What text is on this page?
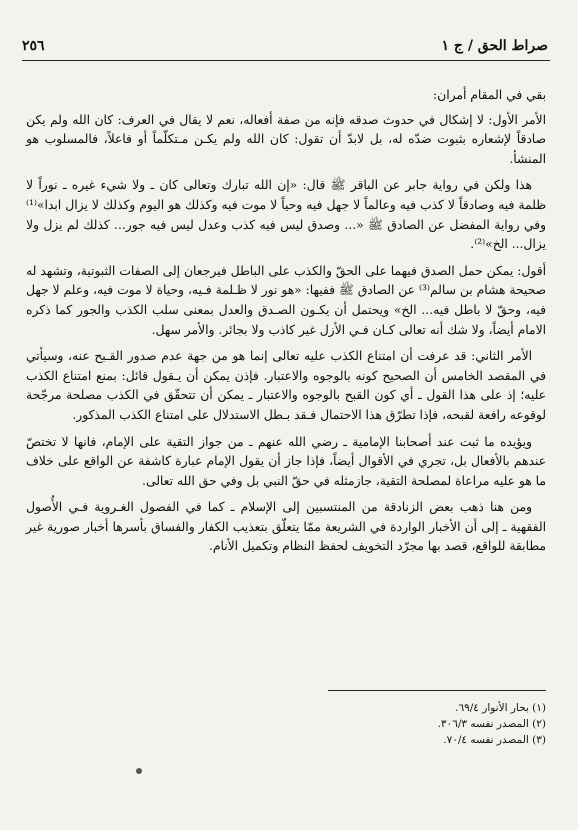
٢٥٦	صراط الحق / ج ١

بقي في المقام أمران:

الأمر الأول: لا إشكال في حدوث صدقه فإنه من صفة أفعاله، نعم لا يقال في العرف: كان الله ولم يكن صادقاً لإشعاره بثبوت ضدّه له، بل لابدّ أن تقول: كان الله ولم يكـن مـتكلّماً أو فاعلاً، فالمسلوب هو المنشأ.

هذا ولكن في رواية جابر عن الباقر ﷺ قال: «إن الله تبارك وتعالى كان ـ ولا شيء غيره ـ نوراً لا ظلمة فيه وصادقاً لا كذب فيه وعالماً لا جهل فيه وحياً لا موت فيه وكذلك هو اليوم وكذلك لا يزال ابدا»⁽¹⁾ وفي رواية المفضل عن الصادق ﷺ «... وصدق ليس فيه كذب وعدل ليس فيه جور... كذلك لم يزل ولا يزال... الخ»⁽²⁾.

أقول: يمكن حمل الصدق فيهما على الحقّ والكذب على الباطل فيرجعان إلى الصفات الثبوتية، وتشهد له صحيحة هشام بن سالم⁽³⁾ عن الصادق ﷺ ففيها: «هو نور لا ظـلمة فـيه، وحياة لا موت فيه، وعلم لا جهل فيه، وحقّ لا باطل فيه... الخ» ويحتمل أن يكـون الصـدق والعدل بمعنى سلب الكذب والجور كما ذكره الامام أيضاً، ولا شك أنه تعالى كـان فـي الأزل غير كاذب ولا بجائر. والأمر سهل.

الأمر الثاني: قد عرفت أن امتناع الكذب عليه تعالى إنما هو من جهة عدم صدور القـبح عنه، وسيأتي في المقصد الخامس أن الصحيح كونه بالوجوه والاعتبار. فإذن يمكن أن يـقول قائل: بمنع امتناع الكذب عليه؛ إذ على هذا القول ـ أي كون القبح بالوجوه والاعتبار ـ يمكن أن تتحقّق في الكذب مصلحة مرجّحة لوقوعه رافعة لقبحه، فإذا تطرّق هذا الاحتمال فـقد بـطل الاستدلال على امتناع الكذب المذكور.

ويؤيده ما ثبت عند أصحابنا الإمامية ـ رضي الله عنهم ـ من جواز التقية على الإمام، فانها لا تختصّ عندهم بالأفعال بل، تجري في الأقوال أيضاً، فإذا جاز أن يقول الإمام عبارة كاشفة عن الواقع على خلاف ما هو عليه مراعاة لمصلحة التقية، جازمثله في حقّ النبي بل وفي حق الله تعالى.

ومن هنا ذهب بعض الزنادقة من المنتسبين إلى الإسلام ـ كما في الفصول الغـروية فـي الأُصول الفقهية ـ إلى أن الأخبار الواردة في الشريعة ممّا يتعلّق بتعذيب الكفار والفساق بأسرها أخبار صورية غير مطابقة للواقع، قصد بها مجرّد التخويف لحفظ النظام وتكميل الأنام.

(١) بحار الأنوار ٦٩/٤.
(٢) المصدر نفسه ٣٠٦/٣.
(٣) المصدر نفسه ٧٠/٤.
